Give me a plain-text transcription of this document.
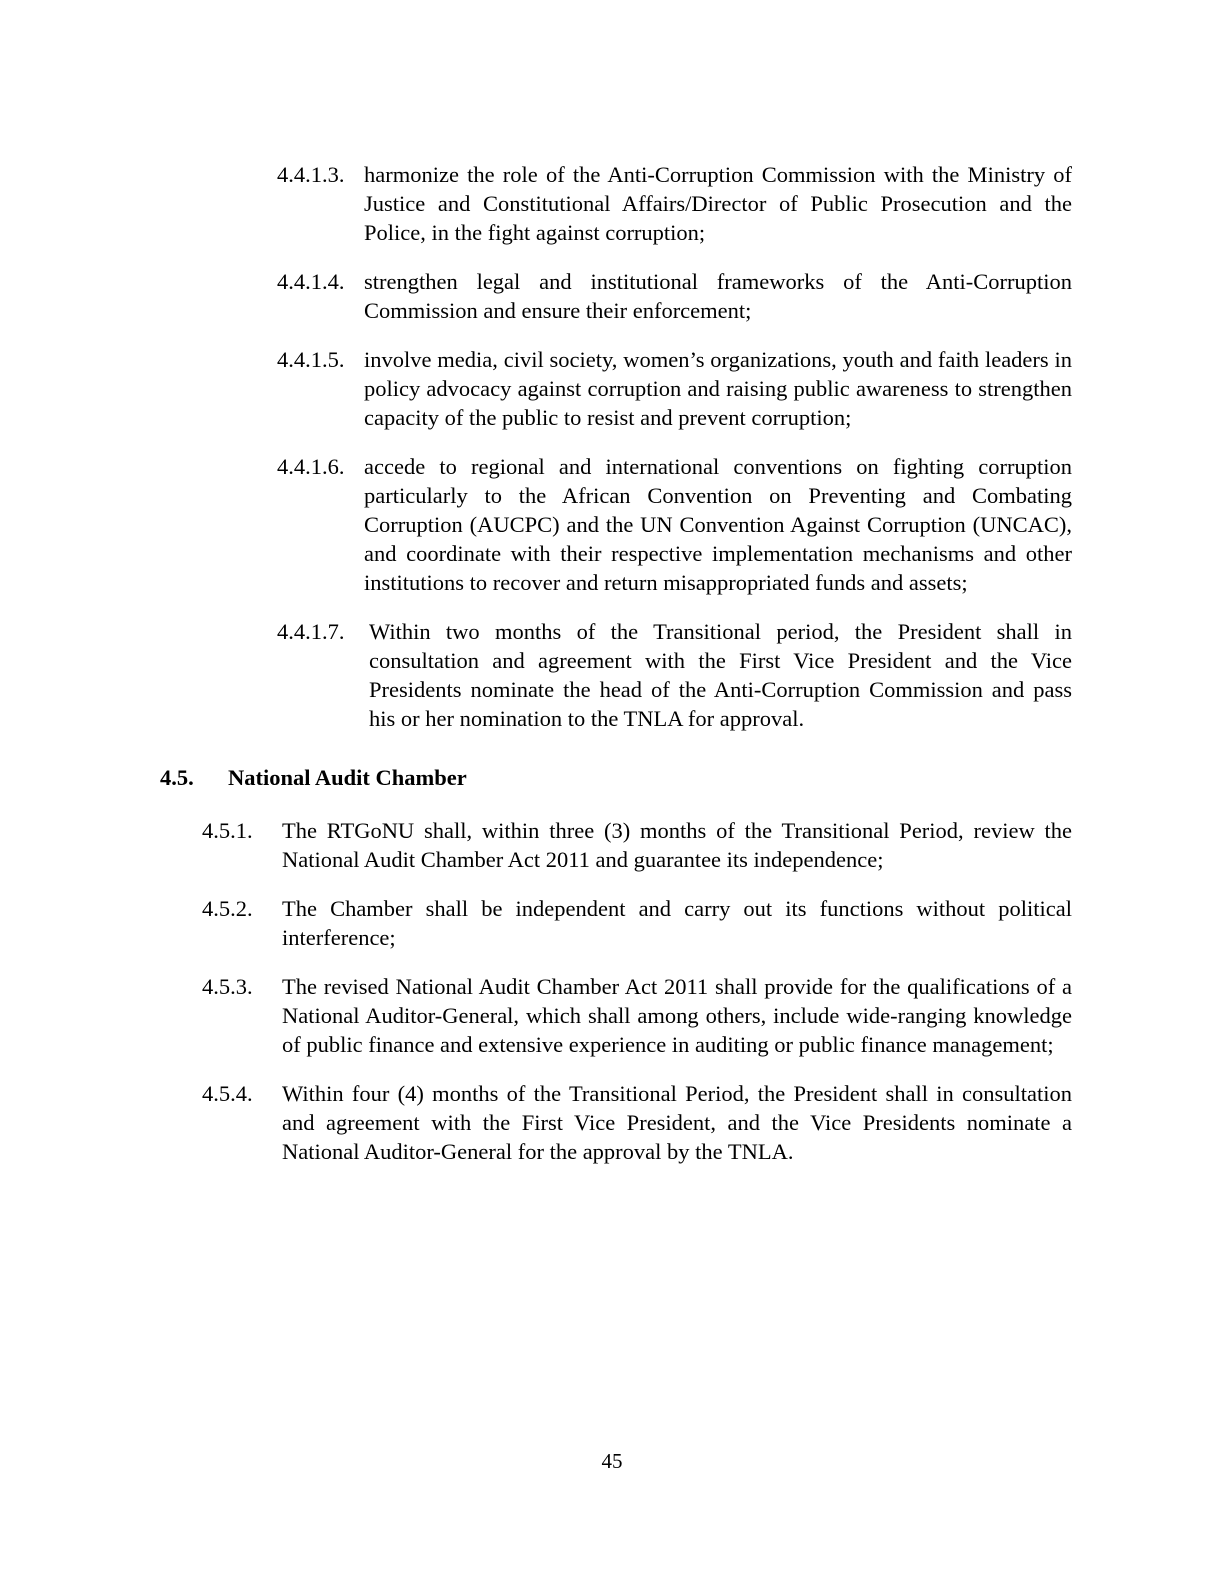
4.4.1.3. harmonize the role of the Anti-Corruption Commission with the Ministry of Justice and Constitutional Affairs/Director of Public Prosecution and the Police, in the fight against corruption;
4.4.1.4. strengthen legal and institutional frameworks of the Anti-Corruption Commission and ensure their enforcement;
4.4.1.5. involve media, civil society, women’s organizations, youth and faith leaders in policy advocacy against corruption and raising public awareness to strengthen capacity of the public to resist and prevent corruption;
4.4.1.6. accede to regional and international conventions on fighting corruption particularly to the African Convention on Preventing and Combating Corruption (AUCPC) and the UN Convention Against Corruption (UNCAC), and coordinate with their respective implementation mechanisms and other institutions to recover and return misappropriated funds and assets;
4.4.1.7.	Within two months of the Transitional period, the President shall in consultation and agreement with the First Vice President and the Vice Presidents nominate the head of the Anti-Corruption Commission and pass his or her nomination to the TNLA for approval.
4.5. National Audit Chamber
4.5.1.	The RTGoNU shall, within three (3) months of the Transitional Period, review the National Audit Chamber Act 2011 and guarantee its independence;
4.5.2.	The Chamber shall be independent and carry out its functions without political interference;
4.5.3.	The revised National Audit Chamber Act 2011 shall provide for the qualifications of a National Auditor-General, which shall among others, include wide-ranging knowledge of public finance and extensive experience in auditing or public finance management;
4.5.4.	Within four (4) months of the Transitional Period, the President shall in consultation and agreement with the First Vice President, and the Vice Presidents nominate a National Auditor-General for the approval by the TNLA.
45
